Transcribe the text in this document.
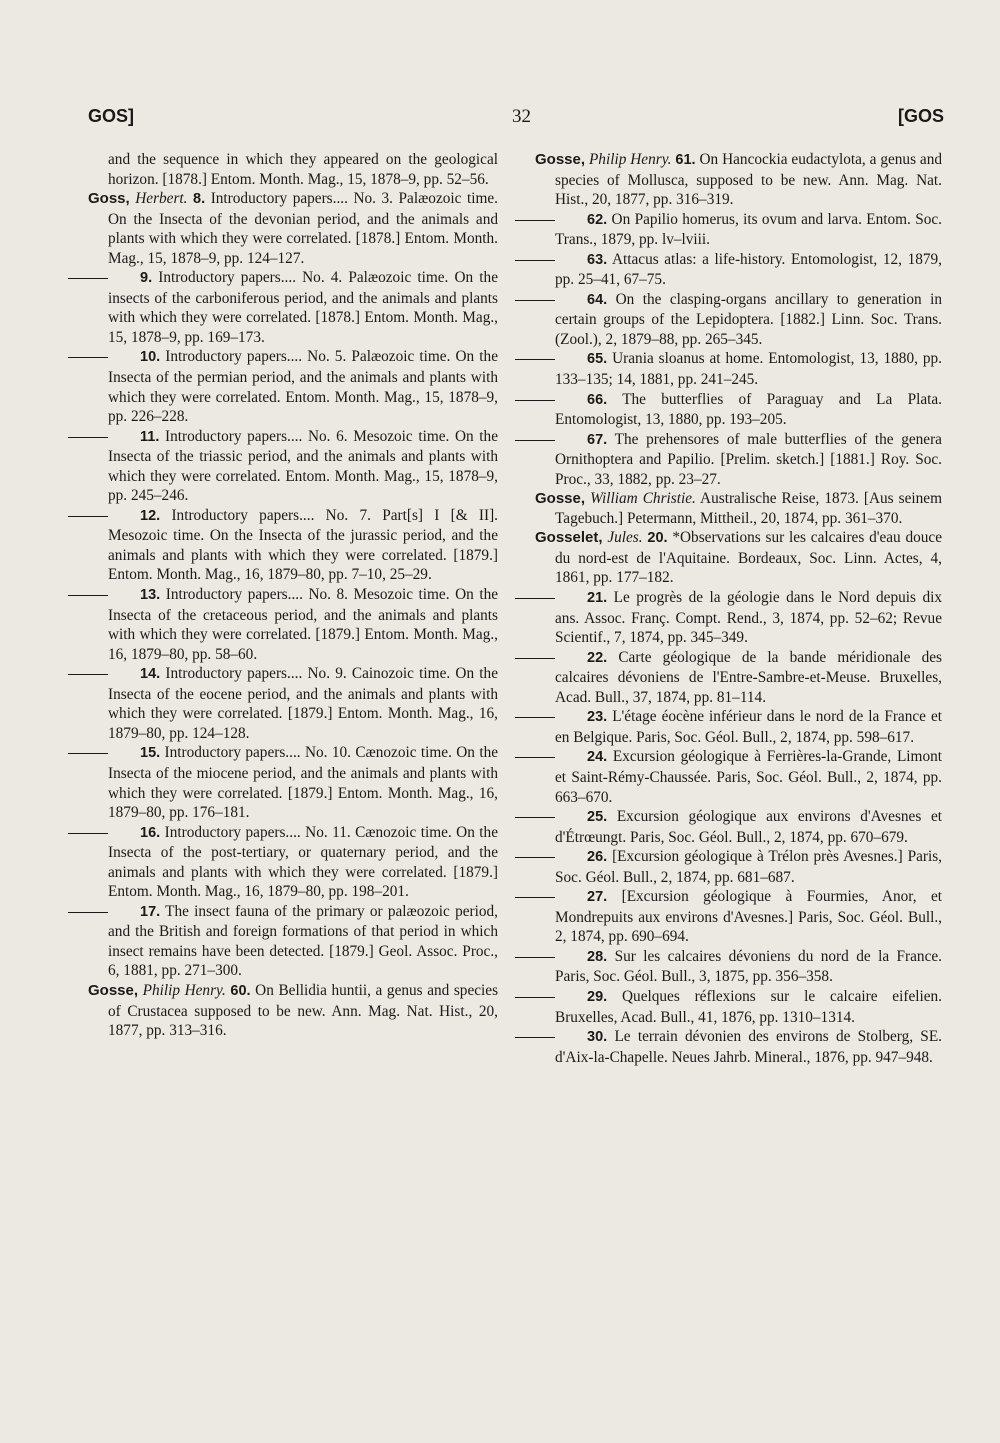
GOS]	32	[GOS

and the sequence in which they appeared on the geological horizon. [1878.] Entom. Month. Mag., 15, 1878–9, pp. 52–56.

Goss, Herbert. 8. Introductory papers.... No. 3. Palæozoic time. On the Insecta of the devonian period, and the animals and plants with which they were correlated. [1878.] Entom. Month. Mag., 15, 1878–9, pp. 124–127.

9. Introductory papers.... No. 4. Palæozoic time. On the insects of the carboniferous period, and the animals and plants with which they were correlated. [1878.] Entom. Month. Mag., 15, 1878–9, pp. 169–173.

10. Introductory papers.... No. 5. Palæozoic time. On the Insecta of the permian period, and the animals and plants with which they were correlated. Entom. Month. Mag., 15, 1878–9, pp. 226–228.

11. Introductory papers.... No. 6. Mesozoic time. On the Insecta of the triassic period, and the animals and plants with which they were correlated. Entom. Month. Mag., 15, 1878–9, pp. 245–246.

12. Introductory papers.... No. 7. Part[s] I [& II]. Mesozoic time. On the Insecta of the jurassic period, and the animals and plants with which they were correlated. [1879.] Entom. Month. Mag., 16, 1879–80, pp. 7–10, 25–29.

13. Introductory papers.... No. 8. Mesozoic time. On the Insecta of the cretaceous period, and the animals and plants with which they were correlated. [1879.] Entom. Month. Mag., 16, 1879–80, pp. 58–60.

14. Introductory papers.... No. 9. Cainozoic time. On the Insecta of the eocene period, and the animals and plants with which they were correlated. [1879.] Entom. Month. Mag., 16, 1879–80, pp. 124–128.

15. Introductory papers.... No. 10. Cænozoic time. On the Insecta of the miocene period, and the animals and plants with which they were correlated. [1879.] Entom. Month. Mag., 16, 1879–80, pp. 176–181.

16. Introductory papers.... No. 11. Cænozoic time. On the Insecta of the post-tertiary, or quaternary period, and the animals and plants with which they were correlated. [1879.] Entom. Month. Mag., 16, 1879–80, pp. 198–201.

17. The insect fauna of the primary or palæozoic period, and the British and foreign formations of that period in which insect remains have been detected. [1879.] Geol. Assoc. Proc., 6, 1881, pp. 271–300.

Gosse, Philip Henry. 60. On Bellidia huntii, a genus and species of Crustacea supposed to be new. Ann. Mag. Nat. Hist., 20, 1877, pp. 313–316.

Gosse, Philip Henry. 61. On Hancockia eudactylota, a genus and species of Mollusca, supposed to be new. Ann. Mag. Nat. Hist., 20, 1877, pp. 316–319.

62. On Papilio homerus, its ovum and larva. Entom. Soc. Trans., 1879, pp. lv–lviii.

63. Attacus atlas: a life-history. Entomologist, 12, 1879, pp. 25–41, 67–75.

64. On the clasping-organs ancillary to generation in certain groups of the Lepidoptera. [1882.] Linn. Soc. Trans. (Zool.), 2, 1879–88, pp. 265–345.

65. Urania sloanus at home. Entomologist, 13, 1880, pp. 133–135; 14, 1881, pp. 241–245.

66. The butterflies of Paraguay and La Plata. Entomologist, 13, 1880, pp. 193–205.

67. The prehensores of male butterflies of the genera Ornithoptera and Papilio. [Prelim. sketch.] [1881.] Roy. Soc. Proc., 33, 1882, pp. 23–27.

Gosse, William Christie. Australische Reise, 1873. [Aus seinem Tagebuch.] Petermann, Mittheil., 20, 1874, pp. 361–370.

Gosselet, Jules. 20. *Observations sur les calcaires d'eau douce du nord-est de l'Aquitaine. Bordeaux, Soc. Linn. Actes, 4, 1861, pp. 177–182.

21. Le progrès de la géologie dans le Nord depuis dix ans. Assoc. Franç. Compt. Rend., 3, 1874, pp. 52–62; Revue Scientif., 7, 1874, pp. 345–349.

22. Carte géologique de la bande méridionale des calcaires dévoniens de l'Entre-Sambre-et-Meuse. Bruxelles, Acad. Bull., 37, 1874, pp. 81–114.

23. L'étage éocène inférieur dans le nord de la France et en Belgique. Paris, Soc. Géol. Bull., 2, 1874, pp. 598–617.

24. Excursion géologique à Ferrières-la-Grande, Limont et Saint-Rémy-Chaussée. Paris, Soc. Géol. Bull., 2, 1874, pp. 663–670.

25. Excursion géologique aux environs d'Avesnes et d'Étrœungt. Paris, Soc. Géol. Bull., 2, 1874, pp. 670–679.

26. [Excursion géologique à Trélon près Avesnes.] Paris, Soc. Géol. Bull., 2, 1874, pp. 681–687.

27. [Excursion géologique à Fourmies, Anor, et Mondrepuits aux environs d'Avesnes.] Paris, Soc. Géol. Bull., 2, 1874, pp. 690–694.

28. Sur les calcaires dévoniens du nord de la France. Paris, Soc. Géol. Bull., 3, 1875, pp. 356–358.

29. Quelques réflexions sur le calcaire eifelien. Bruxelles, Acad. Bull., 41, 1876, pp. 1310–1314.

30. Le terrain dévonien des environs de Stolberg, SE. d'Aix-la-Chapelle. Neues Jahrb. Mineral., 1876, pp. 947–948.
